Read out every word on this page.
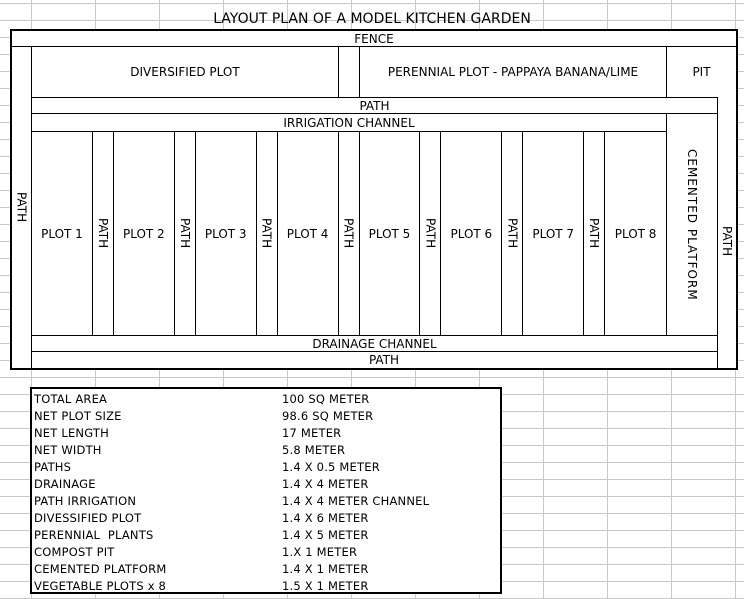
LAYOUT PLAN OF A MODEL KITCHEN GARDEN
FENCE
PATH
PATH
DIVERSIFIED PLOT	PERENNIAL PLOT - PAPPAYA BANANA/LIME	PIT
PATH
IRRIGATION CHANNEL
CEMENTED PLATFORM
PLOT 1	PATH	PLOT 2	PATH	PLOT 3	PATH	PLOT 4	PATH	PLOT 5	PATH	PLOT 6	PATH	PLOT 7	PATH	PLOT 8
DRAINAGE CHANNEL
PATH
TOTAL AREA	100 SQ METER
NET PLOT SIZE	98.6 SQ METER
NET LENGTH	17 METER
NET WIDTH	5.8 METER
PATHS	1.4 X 0.5 METER
DRAINAGE	1.4 X 4 METER
PATH IRRIGATION	1.4 X 4 METER CHANNEL
DIVESSIFIED PLOT	1.4 X 6 METER
PERENNIAL  PLANTS	1.4 X 5 METER
COMPOST PIT	1.X 1 METER
CEMENTED PLATFORM	1.4 X 1 METER
VEGETABLE PLOTS x 8	1.5 X 1 METER
